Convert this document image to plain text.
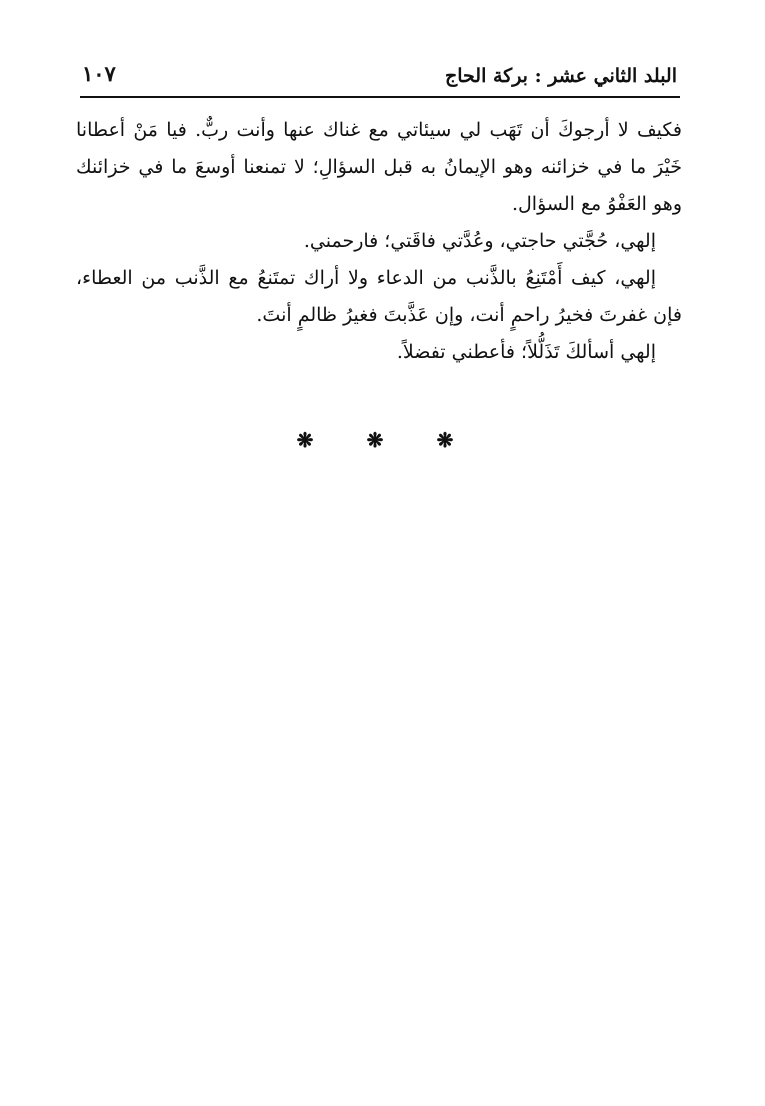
البلد الثاني عشر : بركة الحاج
١٠٧

فكيف لا أرجوكَ أن تَهَب لي سيئاتي مع غناك عنها وأنت ربٌّ. فيا مَنْ أعطانا خَيْرَ ما في خزائنه وهو الإيمانُ به قبل السؤالِ؛ لا تمنعنا أوسعَ ما في خزائنك وهو العَفْوُ مع السؤال.

إلهي، حُجَّتي حاجتي، وعُدَّتي فاقَتي؛ فارحمني.

إلهي، كيف أَمْتَنِعُ بالذَّنب من الدعاء ولا أراك تمتَنعُ مع الذَّنب من العطاء، فإن غفرتَ فخيرُ راحمٍ أنت، وإن عَذَّبتَ فغيرُ ظالمٍ أنتَ.

إلهي أسألكَ تَذَلُّلاً؛ فأعطني تفضلاً.

❋	❋	❋
